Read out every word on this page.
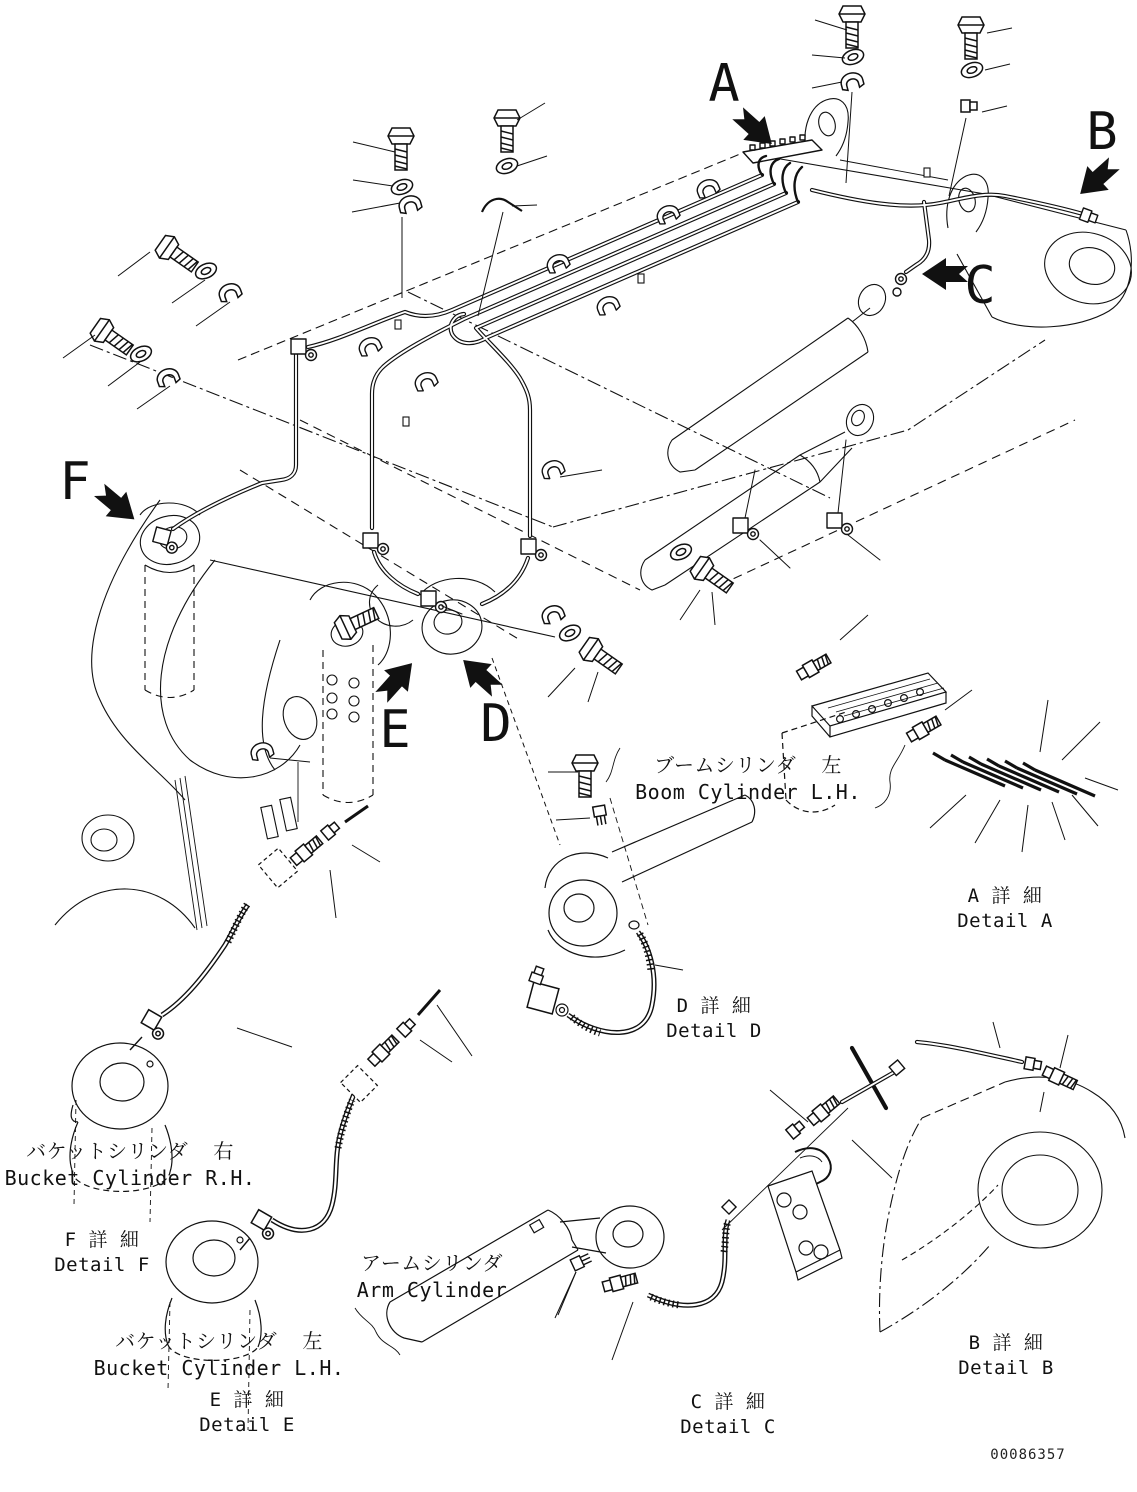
A
B
C
D
E
F
ブームシリンダ  左
Boom Cylinder L.H.
D 詳 細
Detail D
A 詳 細
Detail A
バケットシリンダ  右
Bucket Cylinder R.H.
F 詳 細
Detail F
バケットシリンダ  左
Bucket Cylinder L.H.
E 詳 細
Detail E
アームシリンダ
Arm Cylinder
C 詳 細
Detail C
B 詳 細
Detail B
00086357
